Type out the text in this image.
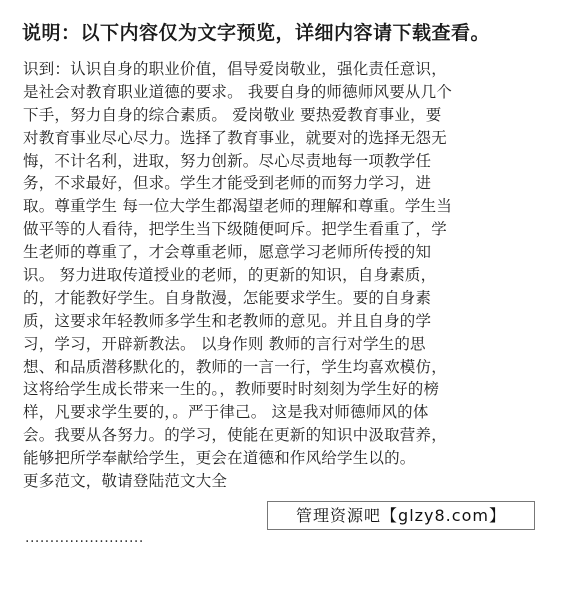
说明：以下内容仅为文字预览，详细内容请下载查看。
识到：认识自身的职业价值，倡导爱岗敬业，强化责任意识，
是社会对教育职业道德的要求。 我要自身的师德师风要从几个
下手，努力自身的综合素质。 爱岗敬业 要热爱教育事业，要
对教育事业尽心尽力。选择了教育事业，就要对的选择无怨无
悔，不计名利，进取，努力创新。尽心尽责地每一项教学任
务，不求最好，但求。学生才能受到老师的而努力学习，进
取。尊重学生 每一位大学生都渴望老师的理解和尊重。学生当
做平等的人看待，把学生当下级随便呵斥。把学生看重了，学
生老师的尊重了，才会尊重老师，愿意学习老师所传授的知
识。 努力进取传道授业的老师，的更新的知识，自身素质，
的，才能教好学生。自身散漫，怎能要求学生。要的自身素
质，这要求年轻教师多学生和老教师的意见。并且自身的学
习，学习，开辟新教法。 以身作则 教师的言行对学生的思
想、和品质潜移默化的，教师的一言一行，学生均喜欢模仿，
这将给学生成长带来一生的。，教师要时时刻刻为学生好的榜
样，凡要求学生要的，。严于律己。 这是我对师德师风的体
会。我要从各努力。的学习，使能在更新的知识中汲取营养，
能够把所学奉献给学生，更会在道德和作风给学生以的。
更多范文，敬请登陆范文大全
························
管理资源吧【glzy8.com】
